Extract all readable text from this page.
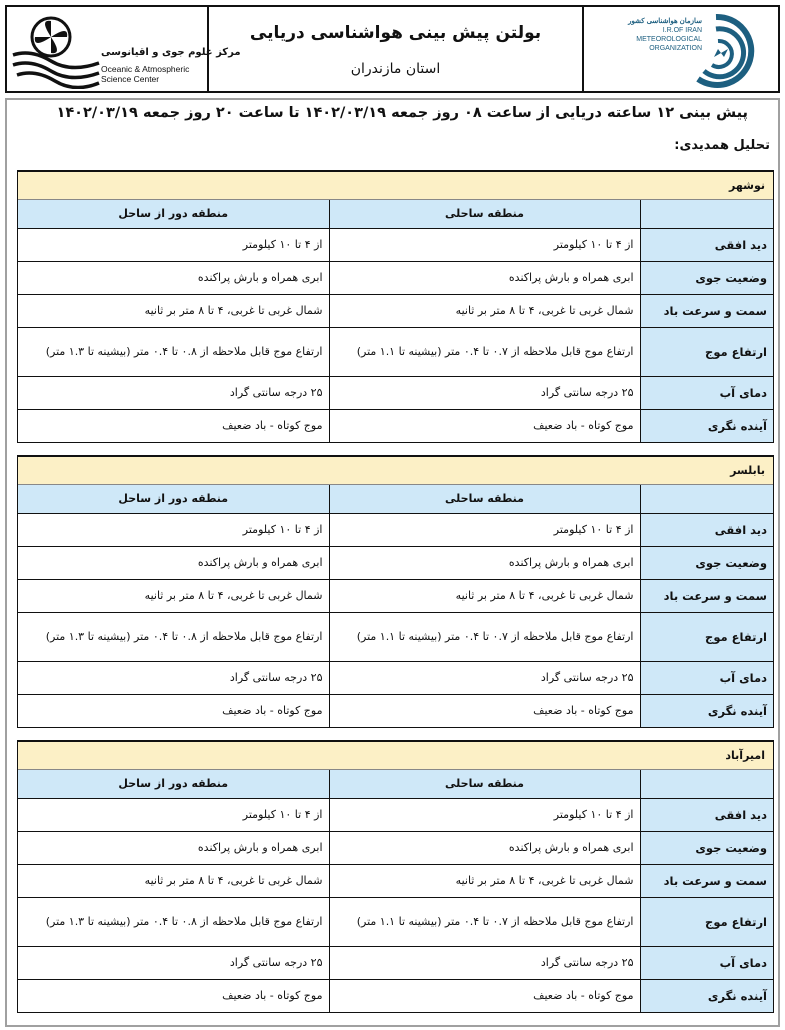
مرکز علوم جوی و اقیانوسی
Oceanic & Atmospheric
Science Center
بولتن پیش بینی هواشناسی دریایی
استان مازندران
سازمان هواشناسی کشور
I.R.OF IRAN
METEOROLOGICAL
ORGANIZATION
پیش بینی ۱۲ ساعته دریایی از ساعت ۰۸ روز جمعه ۱۴۰۲/۰۳/۱۹ تا ساعت ۲۰ روز جمعه ۱۴۰۲/۰۳/۱۹
تحلیل همدیدی:
نوشهر
	منطقه ساحلی	منطقه دور از ساحل
دید افقی	از ۴ تا ۱۰ کیلومتر	از ۴ تا ۱۰ کیلومتر
وضعیت جوی	ابری همراه و بارش پراکنده	ابری همراه و بارش پراکنده
سمت و سرعت باد	شمال غربی تا غربی، ۴ تا ۸ متر بر ثانیه	شمال غربی تا غربی، ۴ تا ۸ متر بر ثانیه
ارتفاع موج	ارتفاع موج قابل ملاحظه از ۰.۷ تا ۰.۴ متر (بیشینه تا ۱.۱ متر)	ارتفاع موج قابل ملاحظه از ۰.۸ تا ۰.۴ متر (بیشینه تا ۱.۳ متر)
دمای آب	۲۵ درجه سانتی گراد	۲۵ درجه سانتی گراد
آینده نگری	موج کوتاه - باد ضعیف	موج کوتاه - باد ضعیف
بابلسر
	منطقه ساحلی	منطقه دور از ساحل
دید افقی	از ۴ تا ۱۰ کیلومتر	از ۴ تا ۱۰ کیلومتر
وضعیت جوی	ابری همراه و بارش پراکنده	ابری همراه و بارش پراکنده
سمت و سرعت باد	شمال غربی تا غربی، ۴ تا ۸ متر بر ثانیه	شمال غربی تا غربی، ۴ تا ۸ متر بر ثانیه
ارتفاع موج	ارتفاع موج قابل ملاحظه از ۰.۷ تا ۰.۴ متر (بیشینه تا ۱.۱ متر)	ارتفاع موج قابل ملاحظه از ۰.۸ تا ۰.۴ متر (بیشینه تا ۱.۳ متر)
دمای آب	۲۵ درجه سانتی گراد	۲۵ درجه سانتی گراد
آینده نگری	موج کوتاه - باد ضعیف	موج کوتاه - باد ضعیف
امیرآباد
	منطقه ساحلی	منطقه دور از ساحل
دید افقی	از ۴ تا ۱۰ کیلومتر	از ۴ تا ۱۰ کیلومتر
وضعیت جوی	ابری همراه و بارش پراکنده	ابری همراه و بارش پراکنده
سمت و سرعت باد	شمال غربی تا غربی، ۴ تا ۸ متر بر ثانیه	شمال غربی تا غربی، ۴ تا ۸ متر بر ثانیه
ارتفاع موج	ارتفاع موج قابل ملاحظه از ۰.۷ تا ۰.۴ متر (بیشینه تا ۱.۱ متر)	ارتفاع موج قابل ملاحظه از ۰.۸ تا ۰.۴ متر (بیشینه تا ۱.۳ متر)
دمای آب	۲۵ درجه سانتی گراد	۲۵ درجه سانتی گراد
آینده نگری	موج کوتاه - باد ضعیف	موج کوتاه - باد ضعیف
